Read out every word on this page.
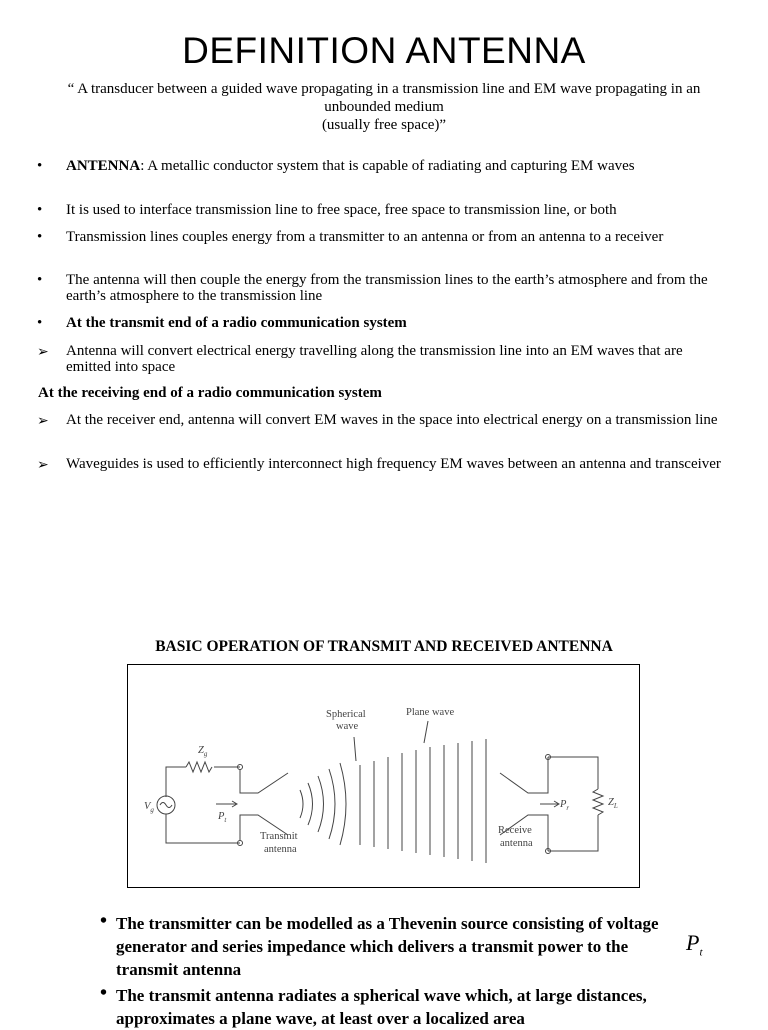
DEFINITION ANTENNA
“ A transducer between a guided wave propagating in a transmission line and EM wave propagating in an unbounded medium
(usually free space)”
•	ANTENNA: A metallic conductor system that is capable of radiating and capturing EM waves
•	It is used to interface transmission line to free space, free space to transmission line, or both
•	Transmission lines couples energy from a transmitter to an antenna or from an antenna to a receiver
•	The antenna will then couple the energy from the transmission lines to the earth’s atmosphere and from the earth’s atmosphere to the transmission line
•	At the transmit end of a radio communication system
➢	Antenna will convert electrical energy travelling along the transmission line into an EM waves that are emitted into space
At the receiving end of a radio communication system
➢	At the receiver end, antenna will convert EM waves in the space into electrical energy on a transmission line
➢	Waveguides is used to efficiently interconnect high frequency EM waves between an antenna and transceiver
BASIC OPERATION OF TRANSMIT AND RECEIVED ANTENNA
Spherical
wave
Plane wave
$Z_g$
$V_g$
$P_t$
$P_r$	$Z_L$
Transmit
antenna
Receive
antenna
• The transmitter can be modelled as a Thevenin source consisting of voltage generator and series impedance which delivers a transmit power to the transmit antenna
• The transmit antenna radiates a spherical wave which, at large distances, approximates a plane wave, at least over a localized area
$P_t$
